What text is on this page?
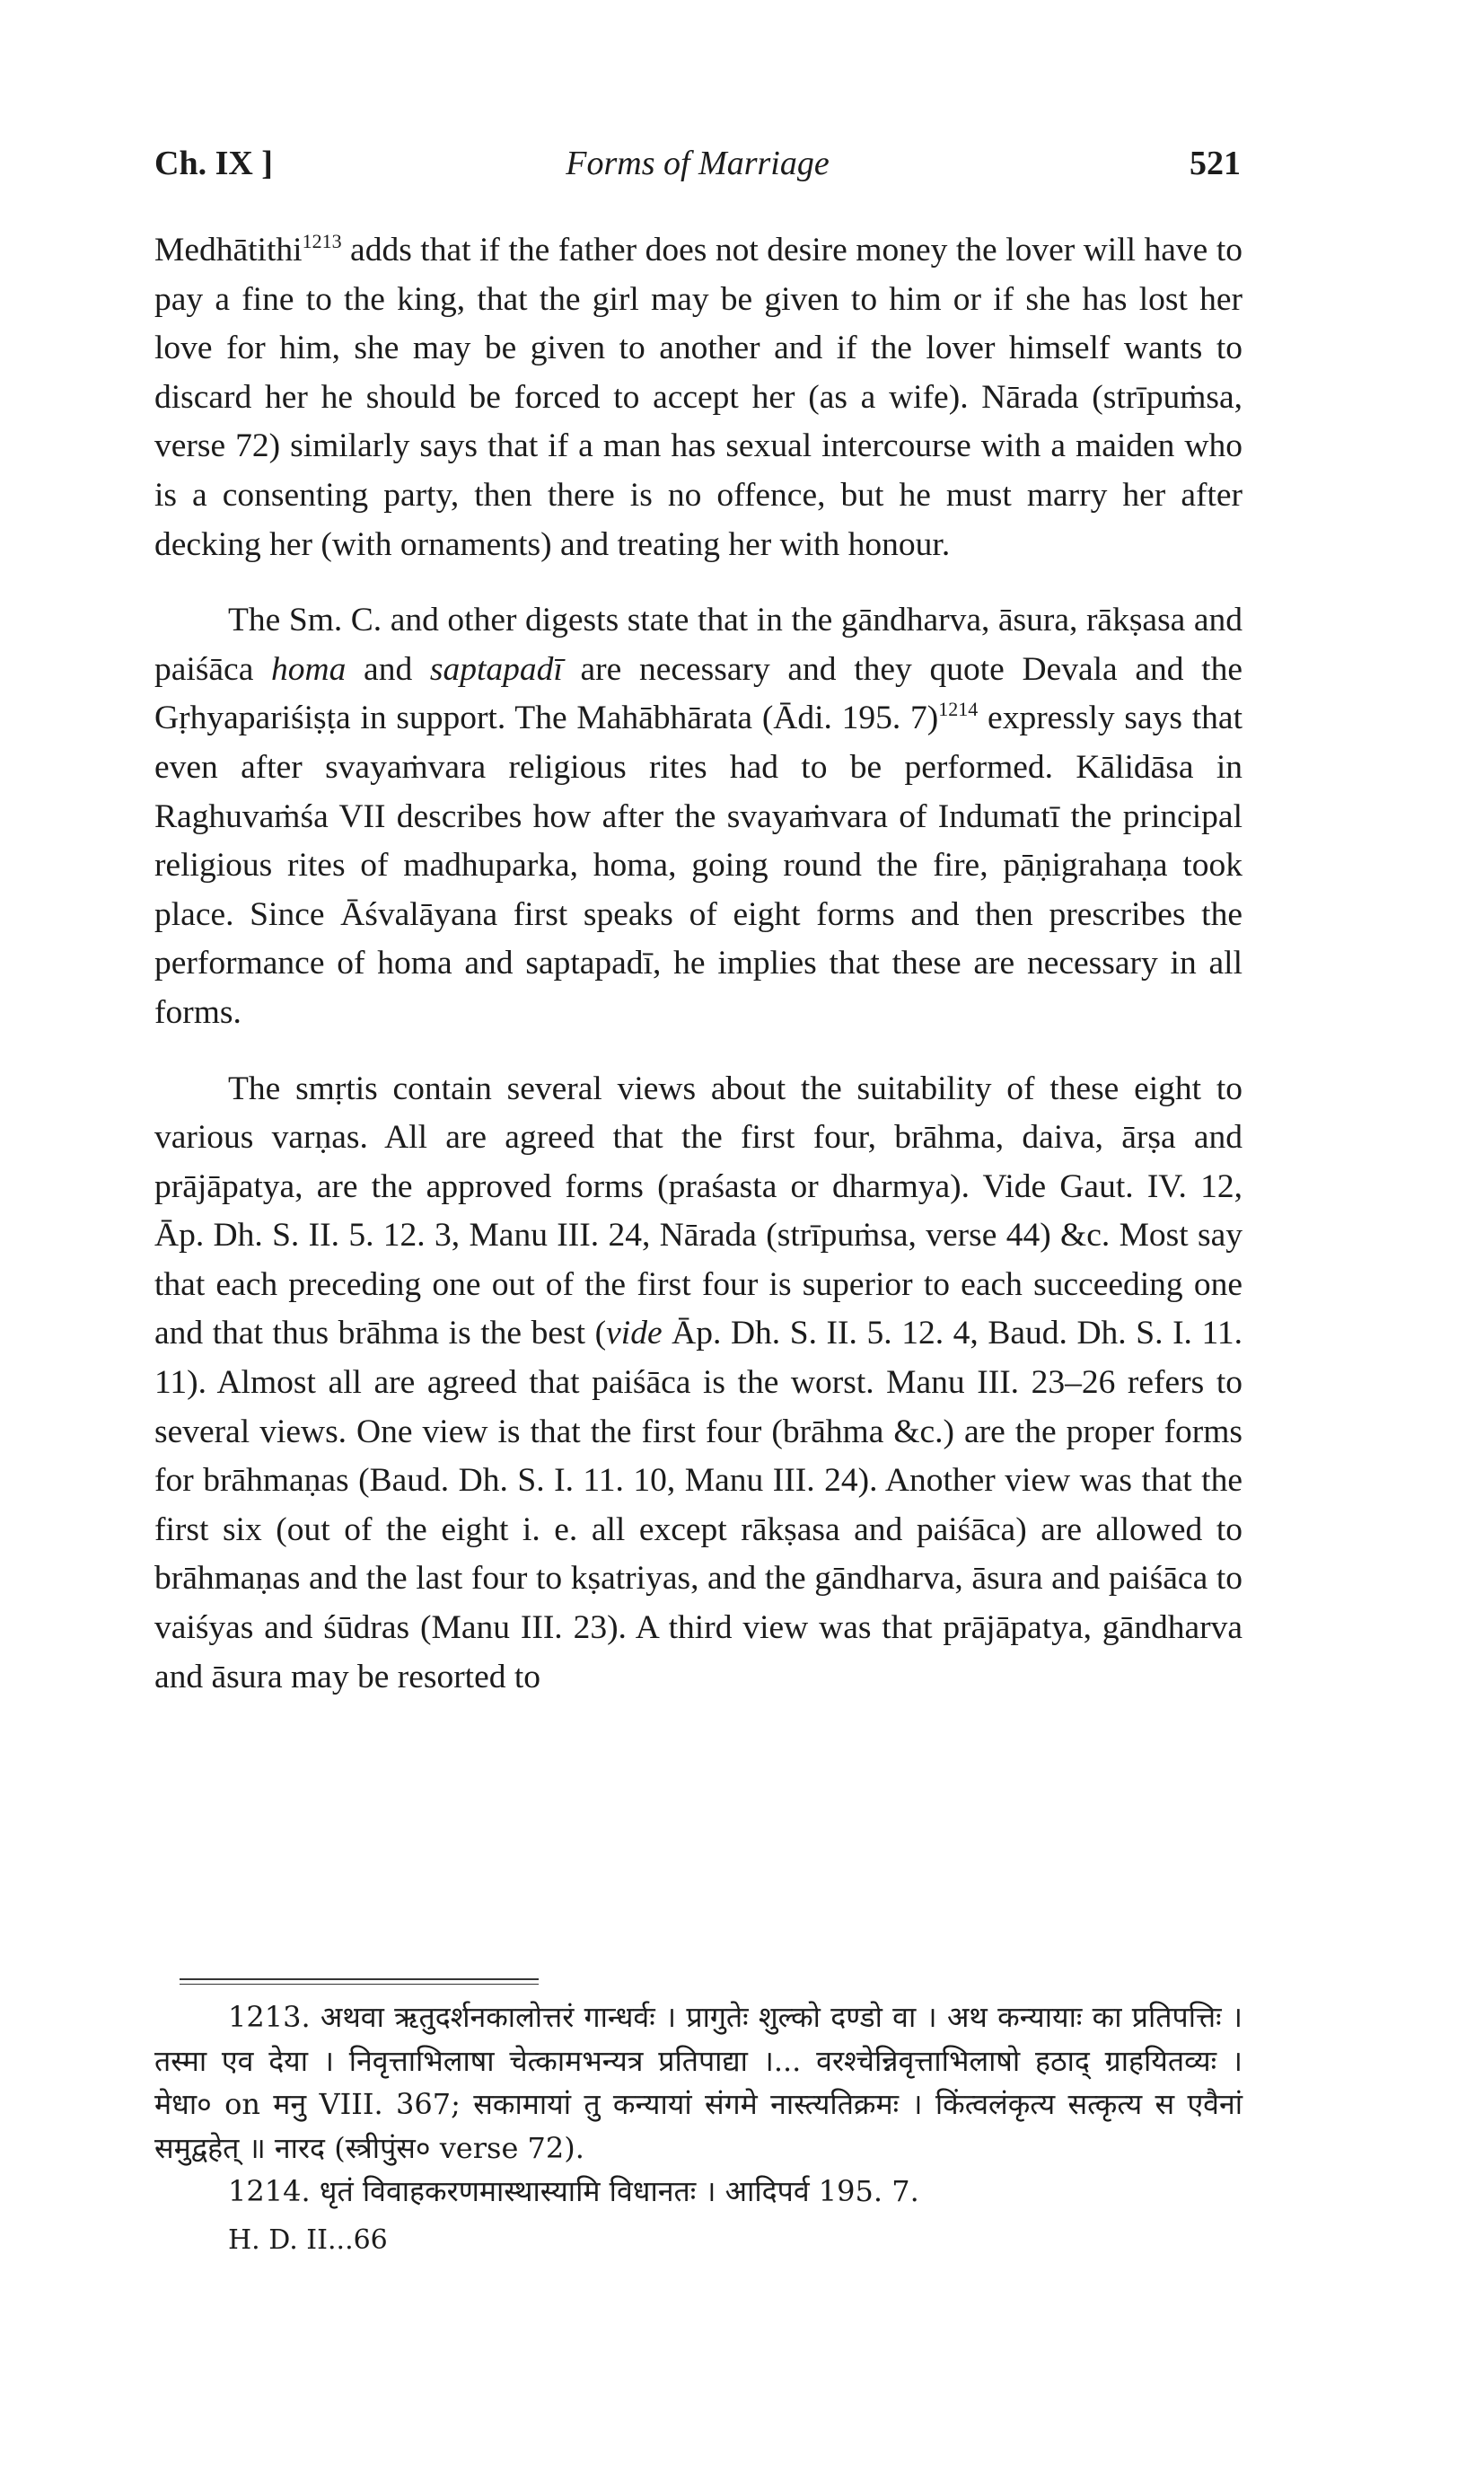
Ch. IX ]	Forms of Marriage	521

Medhātithi$^{1213}$ adds that if the father does not desire money the lover will have to pay a fine to the king, that the girl may be given to him or if she has lost her love for him, she may be given to another and if the lover himself wants to discard her he should be forced to accept her (as a wife). Nārada (strīpuṁsa, verse 72) similarly says that if a man has sexual intercourse with a maiden who is a consenting party, then there is no offence, but he must marry her after decking her (with ornaments) and treating her with honour.

The Sm. C. and other digests state that in the gāndharva, āsura, rākṣasa and paiśāca homa and saptapadī are necessary and they quote Devala and the Gṛhyapariśiṣṭa in support. The Mahābhārata (Ādi. 195. 7)$^{1214}$ expressly says that even after svayaṁvara religious rites had to be performed. Kālidāsa in Raghuvaṁśa VII describes how after the svayaṁvara of Indumatī the principal religious rites of madhuparka, homa, going round the fire, pāṇigrahaṇa took place. Since Āśvalāyana first speaks of eight forms and then prescribes the performance of homa and saptapadī, he implies that these are necessary in all forms.

The smṛtis contain several views about the suitability of these eight to various varṇas. All are agreed that the first four, brāhma, daiva, ārṣa and prājāpatya, are the approved forms (praśasta or dharmya). Vide Gaut. IV. 12, Āp. Dh. S. II. 5. 12. 3, Manu III. 24, Nārada (strīpuṁsa, verse 44) &c. Most say that each preceding one out of the first four is superior to each succeeding one and that thus brāhma is the best (vide Āp. Dh. S. II. 5. 12. 4, Baud. Dh. S. I. 11. 11). Almost all are agreed that paiśāca is the worst. Manu III. 23–26 refers to several views. One view is that the first four (brāhma &c.) are the proper forms for brāhmaṇas (Baud. Dh. S. I. 11. 10, Manu III. 24). Another view was that the first six (out of the eight i. e. all except rākṣasa and paiśāca) are allowed to brāhmaṇas and the last four to kṣatriyas, and the gāndharva, āsura and paiśāca to vaiśyas and śūdras (Manu III. 23). A third view was that prājāpatya, gāndharva and āsura may be resorted to

1213. अथवा ऋतुदर्शनकालोत्तरं गान्धर्वः । प्रागुतेः शुल्को दण्डो वा । अथ कन्यायाः का प्रतिपत्तिः । तस्मा एव देया । निवृत्ताभिलाषा चेत्कामभन्यत्र प्रतिपाद्या ।... वरश्चेन्निवृत्ताभिलाषो हठाद् ग्राहयितव्यः । मेधा० on मनु VIII. 367; सकामायां तु कन्यायां संगमे नास्त्यतिक्रमः । किंत्वलंकृत्य सत्कृत्य स एवैनां समुद्वहेत् ॥ नारद (स्त्रीपुंस० verse 72).

1214. धृतं विवाहकरणमास्थास्यामि विधानतः । आदिपर्व 195. 7.

H. D. II...66
